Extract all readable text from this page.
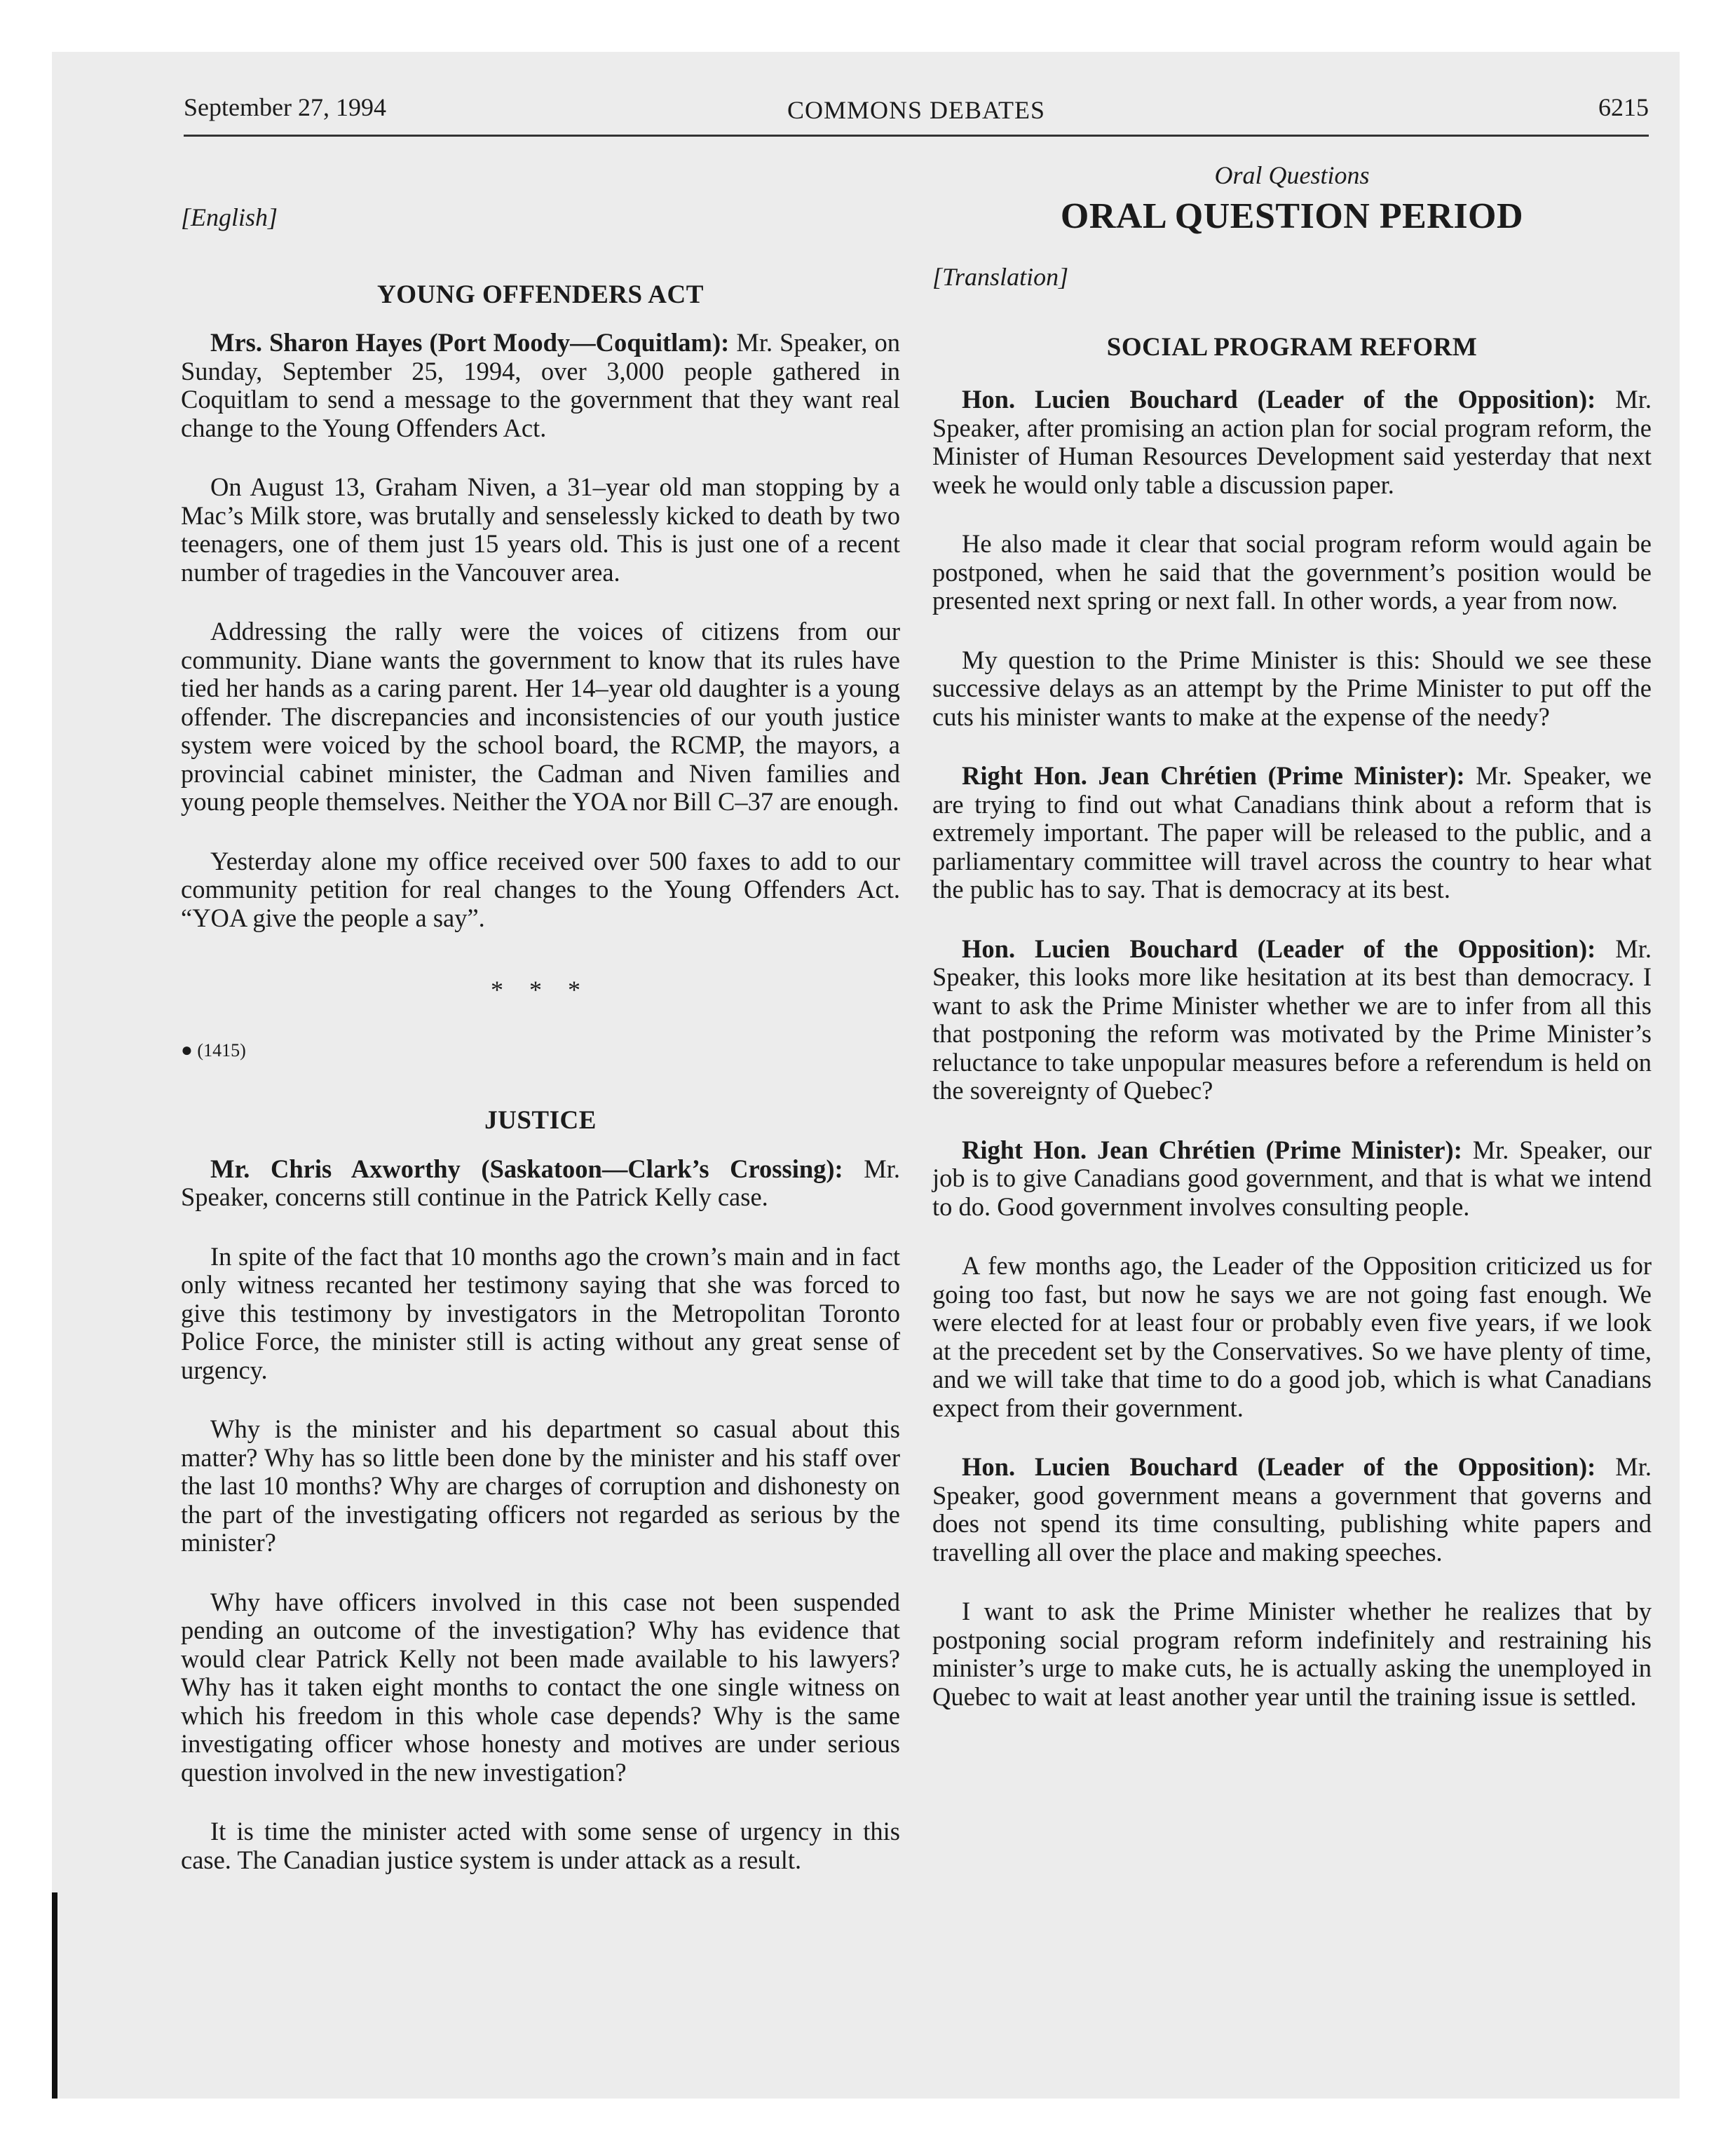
September 27, 1994	COMMONS DEBATES	6215

[English]

YOUNG OFFENDERS ACT

Mrs. Sharon Hayes (Port Moody—Coquitlam): Mr. Speaker, on Sunday, September 25, 1994, over 3,000 people gathered in Coquitlam to send a message to the government that they want real change to the Young Offenders Act.

On August 13, Graham Niven, a 31–year old man stopping by a Mac’s Milk store, was brutally and senselessly kicked to death by two teenagers, one of them just 15 years old. This is just one of a recent number of tragedies in the Vancouver area.

Addressing the rally were the voices of citizens from our community. Diane wants the government to know that its rules have tied her hands as a caring parent. Her 14–year old daughter is a young offender. The discrepancies and inconsistencies of our youth justice system were voiced by the school board, the RCMP, the mayors, a provincial cabinet minister, the Cadman and Niven families and young people themselves. Neither the YOA nor Bill C–37 are enough.

Yesterday alone my office received over 500 faxes to add to our community petition for real changes to the Young Offenders Act. “YOA give the people a say”.

* * *

● (1415)

JUSTICE

Mr. Chris Axworthy (Saskatoon—Clark’s Crossing): Mr. Speaker, concerns still continue in the Patrick Kelly case.

In spite of the fact that 10 months ago the crown’s main and in fact only witness recanted her testimony saying that she was forced to give this testimony by investigators in the Metropolitan Toronto Police Force, the minister still is acting without any great sense of urgency.

Why is the minister and his department so casual about this matter? Why has so little been done by the minister and his staff over the last 10 months? Why are charges of corruption and dishonesty on the part of the investigating officers not regarded as serious by the minister?

Why have officers involved in this case not been suspended pending an outcome of the investigation? Why has evidence that would clear Patrick Kelly not been made available to his lawyers? Why has it taken eight months to contact the one single witness on which his freedom in this whole case depends? Why is the same investigating officer whose honesty and motives are under serious question involved in the new investigation?

It is time the minister acted with some sense of urgency in this case. The Canadian justice system is under attack as a result.

Oral Questions

ORAL QUESTION PERIOD

[Translation]

SOCIAL PROGRAM REFORM

Hon. Lucien Bouchard (Leader of the Opposition): Mr. Speaker, after promising an action plan for social program reform, the Minister of Human Resources Development said yesterday that next week he would only table a discussion paper.

He also made it clear that social program reform would again be postponed, when he said that the government’s position would be presented next spring or next fall. In other words, a year from now.

My question to the Prime Minister is this: Should we see these successive delays as an attempt by the Prime Minister to put off the cuts his minister wants to make at the expense of the needy?

Right Hon. Jean Chrétien (Prime Minister): Mr. Speaker, we are trying to find out what Canadians think about a reform that is extremely important. The paper will be released to the public, and a parliamentary committee will travel across the country to hear what the public has to say. That is democracy at its best.

Hon. Lucien Bouchard (Leader of the Opposition): Mr. Speaker, this looks more like hesitation at its best than democracy. I want to ask the Prime Minister whether we are to infer from all this that postponing the reform was motivated by the Prime Minister’s reluctance to take unpopular measures before a referendum is held on the sovereignty of Quebec?

Right Hon. Jean Chrétien (Prime Minister): Mr. Speaker, our job is to give Canadians good government, and that is what we intend to do. Good government involves consulting people.

A few months ago, the Leader of the Opposition criticized us for going too fast, but now he says we are not going fast enough. We were elected for at least four or probably even five years, if we look at the precedent set by the Conservatives. So we have plenty of time, and we will take that time to do a good job, which is what Canadians expect from their government.

Hon. Lucien Bouchard (Leader of the Opposition): Mr. Speaker, good government means a government that governs and does not spend its time consulting, publishing white papers and travelling all over the place and making speeches.

I want to ask the Prime Minister whether he realizes that by postponing social program reform indefinitely and restraining his minister’s urge to make cuts, he is actually asking the unemployed in Quebec to wait at least another year until the training issue is settled.
